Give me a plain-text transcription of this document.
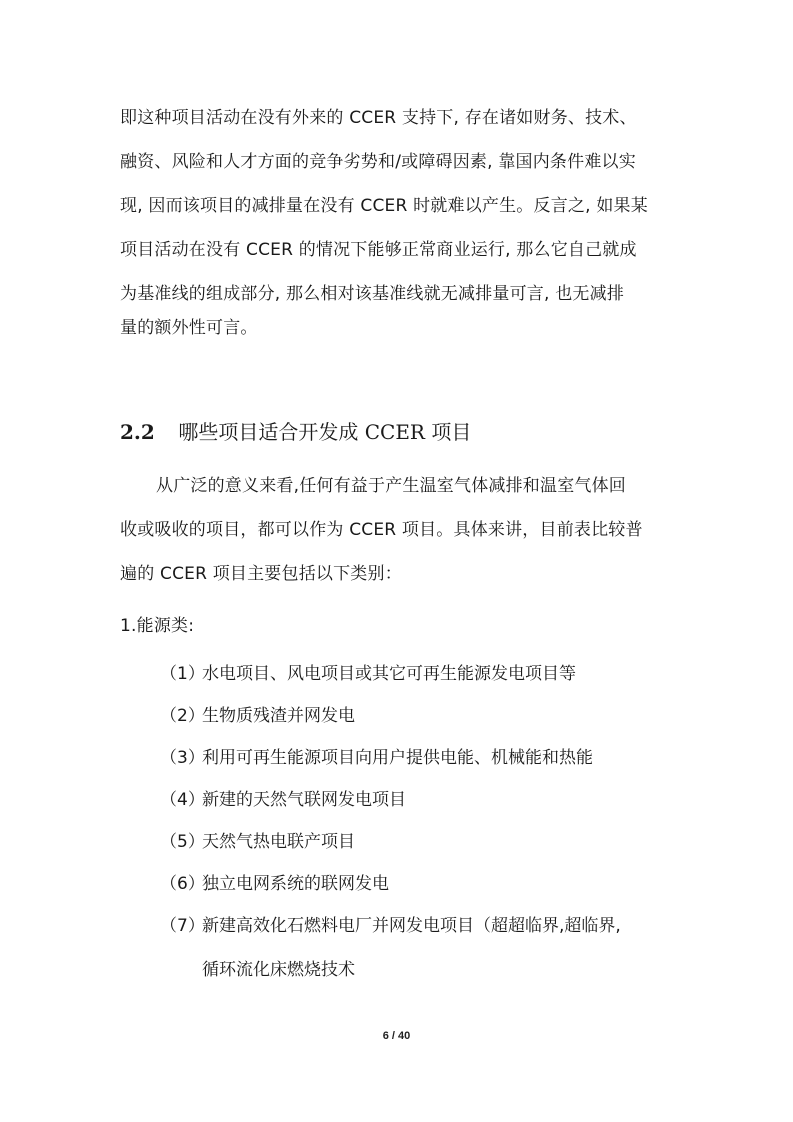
即这种项目活动在没有外来的 CCER 支持下, 存在诸如财务、技术、
融资、风险和人才方面的竞争劣势和/或障碍因素, 靠国内条件难以实
现, 因而该项目的减排量在没有 CCER 时就难以产生。反言之, 如果某
项目活动在没有 CCER 的情况下能够正常商业运行, 那么它自己就成
为基准线的组成部分, 那么相对该基准线就无减排量可言, 也无减排
量的额外性可言。
2.2 哪些项目适合开发成 CCER 项目
从广泛的意义来看,任何有益于产生温室气体减排和温室气体回
收或吸收的项目，都可以作为 CCER 项目。具体来讲，目前表比较普
遍的 CCER 项目主要包括以下类别：
1.能源类:
（1）水电项目、风电项目或其它可再生能源发电项目等
（2）生物质残渣并网发电
（3）利用可再生能源项目向用户提供电能、机械能和热能
（4）新建的天然气联网发电项目
（5）天然气热电联产项目
（6）独立电网系统的联网发电
（7）新建高效化石燃料电厂并网发电项目（超超临界,超临界,
循环流化床燃烧技术
6 / 40
